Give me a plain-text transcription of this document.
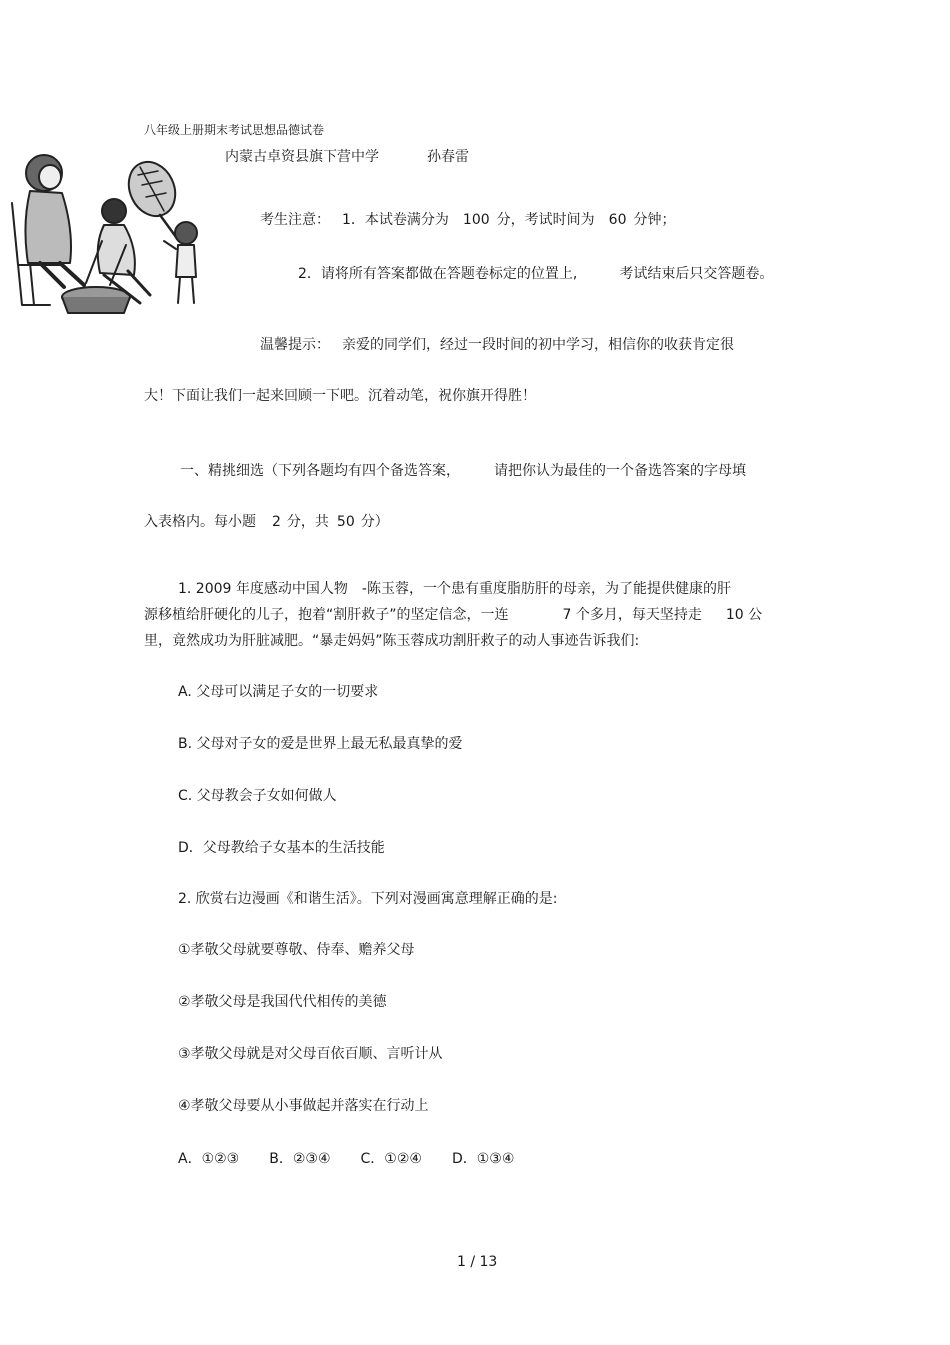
八年级上册期末考试思想品德试卷
内蒙古卓资县旗下营中学	孙春雷
考生注意： 1．本试卷满分为 100 分，考试时间为 60 分钟；
2．请将所有答案都做在答题卷标定的位置上,	考试结束后只交答题卷。
温馨提示： 亲爱的同学们，经过一段时间的初中学习，相信你的收获肯定很
大！下面让我们一起来回顾一下吧。沉着动笔，祝你旗开得胜！
一、精挑细选（下列各题均有四个备选答案， 请把你认为最佳的一个备选答案的字母填
入表格内。每小题 2 分，共 50 分）
1. 2009 年度感动中国人物 -陈玉蓉，一个患有重度脂肪肝的母亲，为了能提供健康的肝
源移植给肝硬化的儿子，抱着“割肝救子”的坚定信念，一连	7 个多月，每天坚持走 10 公
里，竟然成功为肝脏减肥。“暴走妈妈”陈玉蓉成功割肝救子的动人事迹告诉我们:
A. 父母可以满足子女的一切要求
B. 父母对子女的爱是世界上最无私最真挚的爱
C. 父母教会子女如何做人
D．父母教给子女基本的生活技能
2. 欣赏右边漫画《和谐生活》。下列对漫画寓意理解正确的是:
①孝敬父母就要尊敬、侍奉、赡养父母
②孝敬父母是我国代代相传的美德
③孝敬父母就是对父母百依百顺、言听计从
④孝敬父母要从小事做起并落实在行动上
A．①②③ B．②③④ C．①②④ D．①③④
1 / 13
